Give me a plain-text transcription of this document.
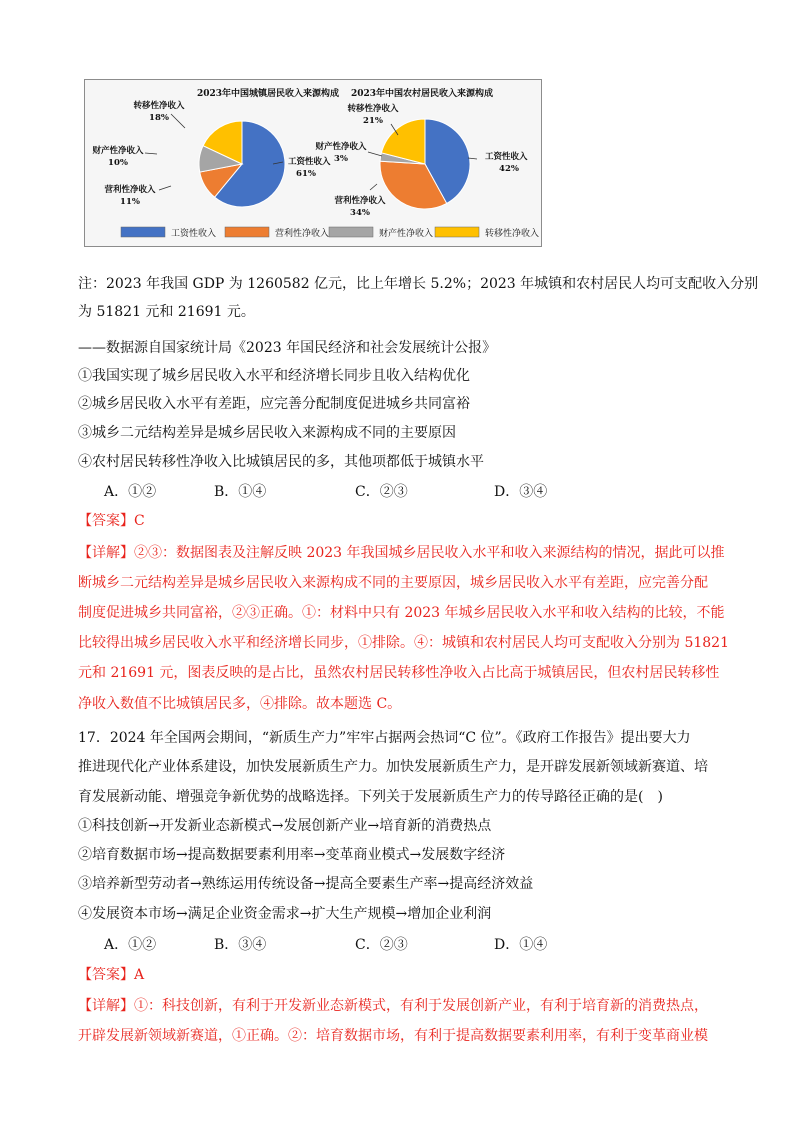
2023年中国城镇居民收入来源构成
工资性收入
61%
营利性净收入
11%
财产性净收入
10%
转移性净收入
18%
2023年中国农村居民收入来源构成
工资性收入
42%
营利性净收入
34%
财产性净收入
3%
转移性净收入
21%
工资性收入	营利性净收入	财产性净收入	转移性净收入
注：2023 年我国 GDP 为 1260582 亿元，比上年增长 5.2%；2023 年城镇和农村居民人均可支配收入分别
为 51821 元和 21691 元。
——数据源自国家统计局《2023 年国民经济和社会发展统计公报》
①我国实现了城乡居民收入水平和经济增长同步且收入结构优化
②城乡居民收入水平有差距，应完善分配制度促进城乡共同富裕
③城乡二元结构差异是城乡居民收入来源构成不同的主要原因
④农村居民转移性净收入比城镇居民的多，其他项都低于城镇水平
A．①②	B．①④	C．②③	D．③④
【答案】C
【详解】②③：数据图表及注解反映 2023 年我国城乡居民收入水平和收入来源结构的情况，据此可以推
断城乡二元结构差异是城乡居民收入来源构成不同的主要原因，城乡居民收入水平有差距，应完善分配
制度促进城乡共同富裕，②③正确。①：材料中只有 2023 年城乡居民收入水平和收入结构的比较，不能
比较得出城乡居民收入水平和经济增长同步，①排除。④：城镇和农村居民人均可支配收入分别为 51821
元和 21691 元，图表反映的是占比，虽然农村居民转移性净收入占比高于城镇居民，但农村居民转移性
净收入数值不比城镇居民多，④排除。故本题选 C。
17．2024 年全国两会期间，“新质生产力”牢牢占据两会热词“C 位”。《政府工作报告》提出要大力
推进现代化产业体系建设，加快发展新质生产力。加快发展新质生产力，是开辟发展新领域新赛道、培
育发展新动能、增强竞争新优势的战略选择。下列关于发展新质生产力的传导路径正确的是(　)
①科技创新→开发新业态新模式→发展创新产业→培育新的消费热点
②培育数据市场→提高数据要素利用率→变革商业模式→发展数字经济
③培养新型劳动者→熟练运用传统设备→提高全要素生产率→提高经济效益
④发展资本市场→满足企业资金需求→扩大生产规模→增加企业利润
A．①②	B．③④	C．②③	D．①④
【答案】A
【详解】①：科技创新，有利于开发新业态新模式，有利于发展创新产业，有利于培育新的消费热点，
开辟发展新领域新赛道，①正确。②：培育数据市场，有利于提高数据要素利用率，有利于变革商业模
